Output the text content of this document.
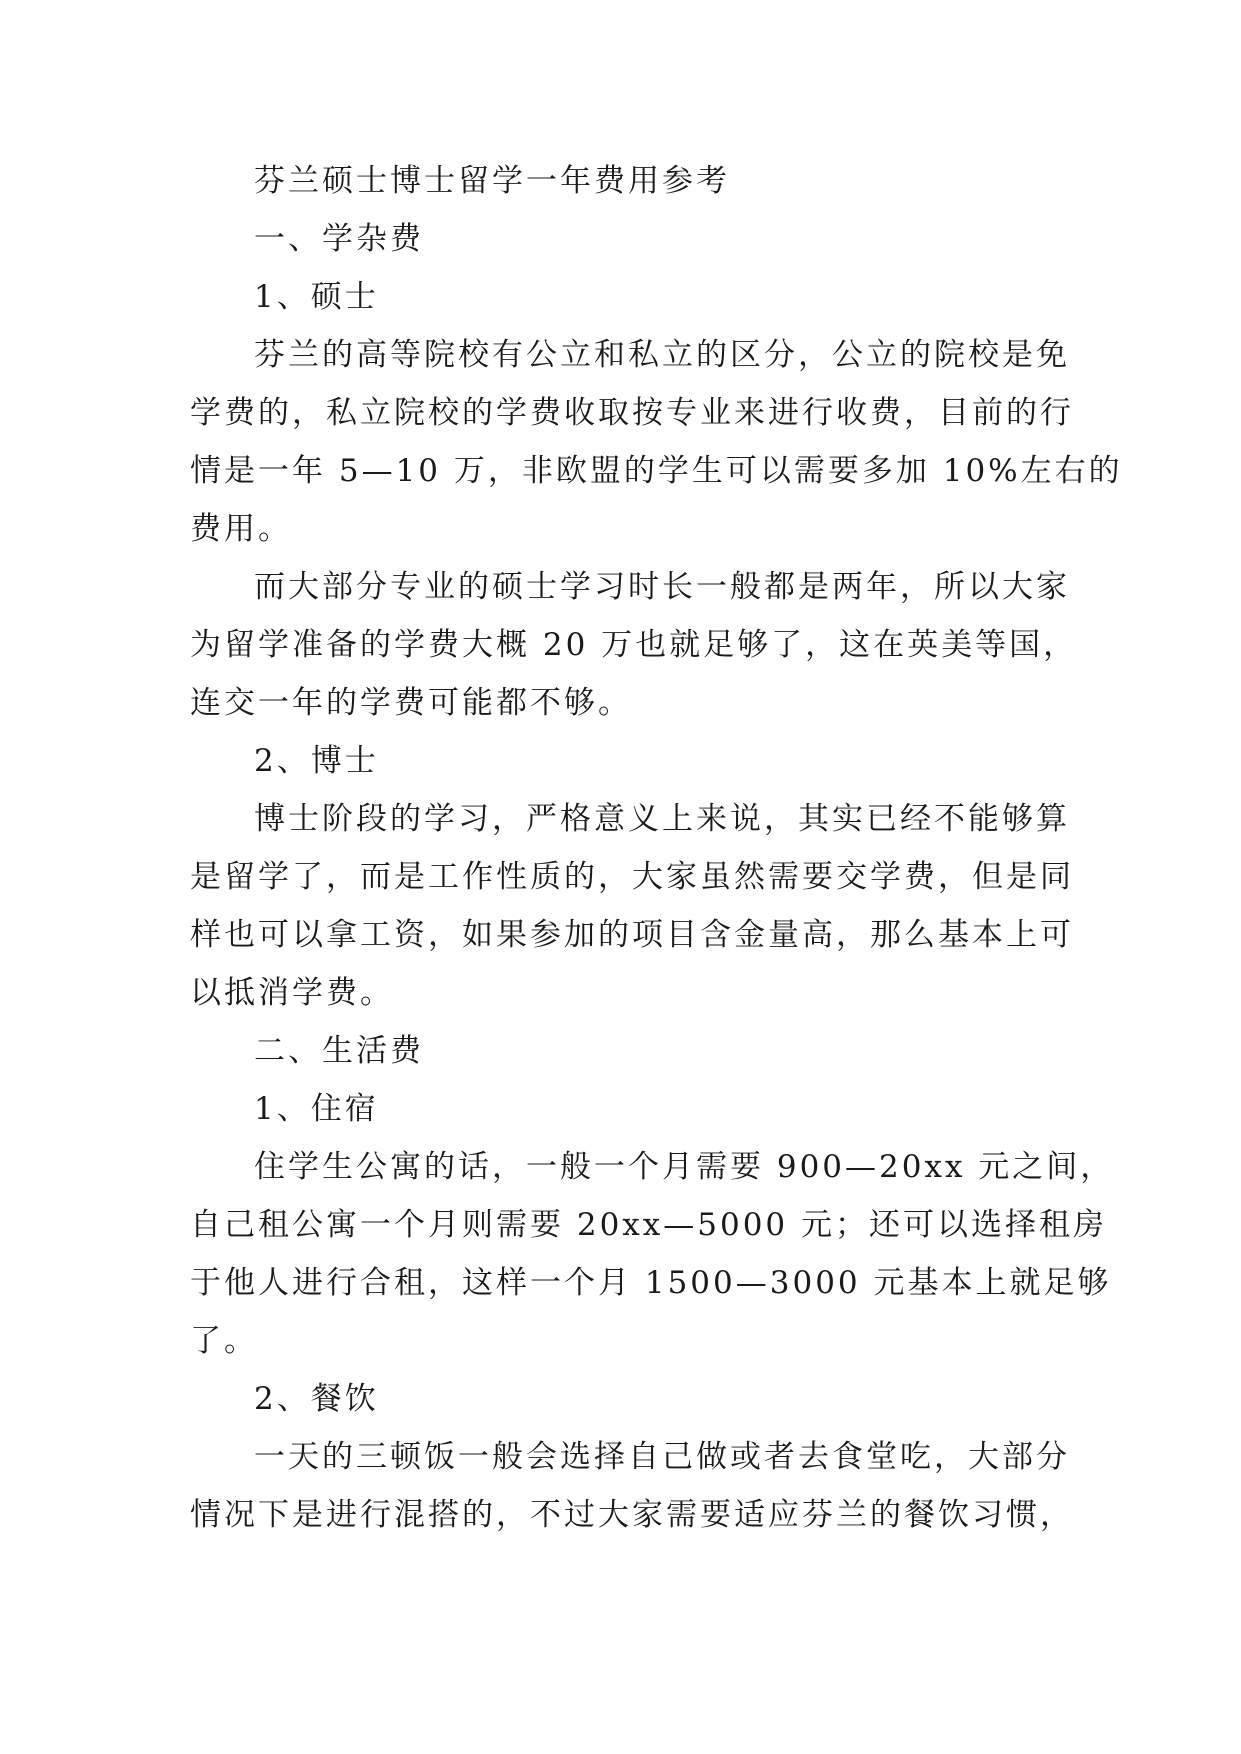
芬兰硕士博士留学一年费用参考
一、学杂费
1、硕士
芬兰的高等院校有公立和私立的区分，公立的院校是免
学费的，私立院校的学费收取按专业来进行收费，目前的行
情是一年 5—10 万，非欧盟的学生可以需要多加 10%左右的
费用。
而大部分专业的硕士学习时长一般都是两年，所以大家
为留学准备的学费大概 20 万也就足够了，这在英美等国，
连交一年的学费可能都不够。
2、博士
博士阶段的学习，严格意义上来说，其实已经不能够算
是留学了，而是工作性质的，大家虽然需要交学费，但是同
样也可以拿工资，如果参加的项目含金量高，那么基本上可
以抵消学费。
二、生活费
1、住宿
住学生公寓的话，一般一个月需要 900—20xx 元之间，
自己租公寓一个月则需要 20xx—5000 元；还可以选择租房
于他人进行合租，这样一个月 1500—3000 元基本上就足够
了。
2、餐饮
一天的三顿饭一般会选择自己做或者去食堂吃，大部分
情况下是进行混搭的，不过大家需要适应芬兰的餐饮习惯，
